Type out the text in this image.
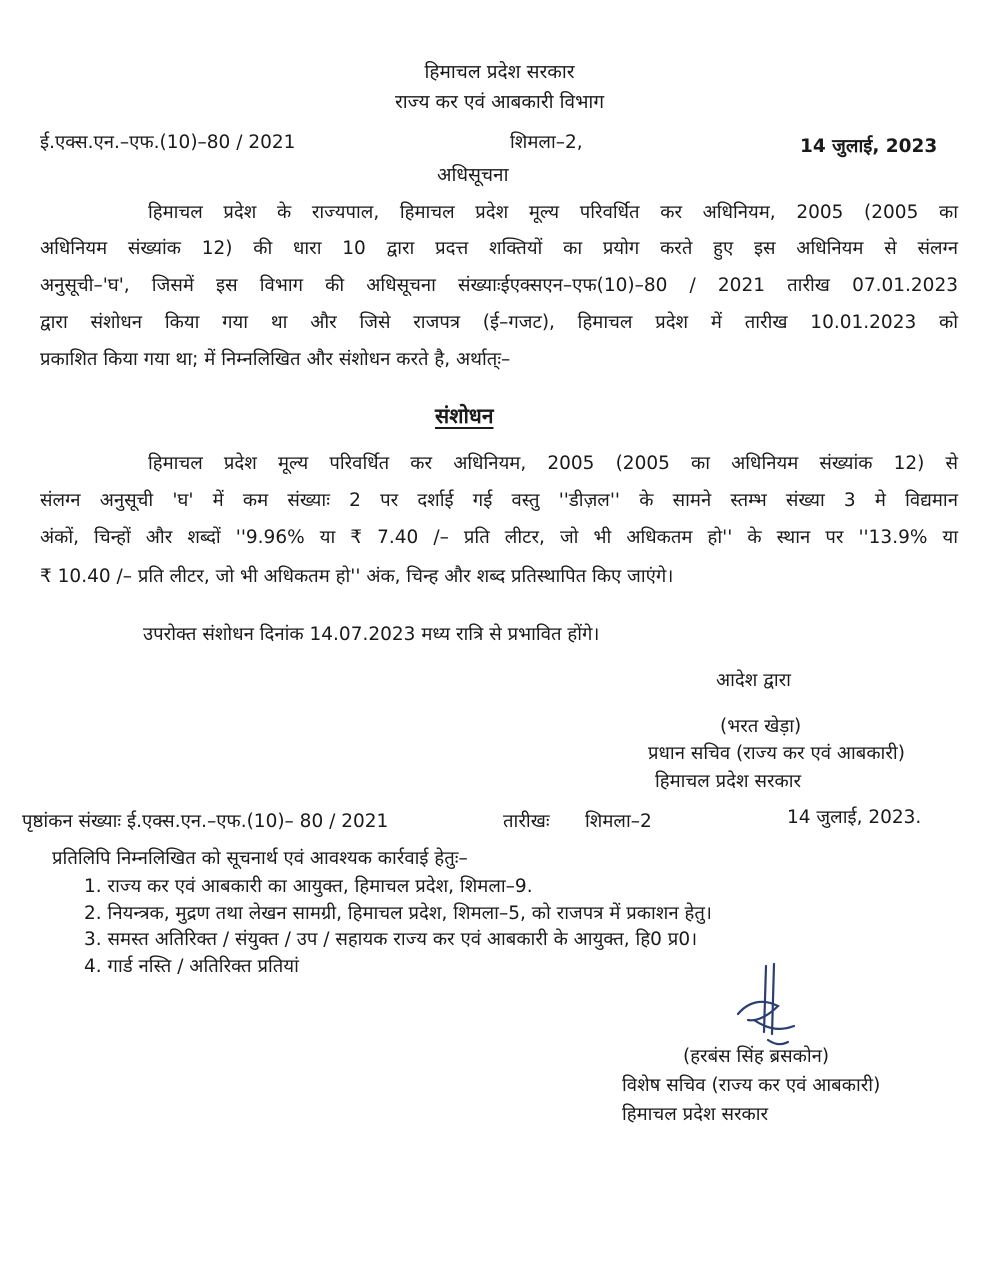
हिमाचल प्रदेश सरकार
राज्य कर एवं आबकारी विभाग
ई.एक्स.एन.–एफ.(10)–80 / 2021	शिमला–2,	14 जुलाई, 2023
अधिसूचना
हिमाचल प्रदेश के राज्यपाल, हिमाचल प्रदेश मूल्य परिवर्धित कर अधिनियम, 2005 (2005 का
अधिनियम संख्यांक 12) की धारा 10 द्वारा प्रदत्त शक्तियों का प्रयोग करते हुए इस अधिनियम से संलग्न
अनुसूची–'घ', जिसमें इस विभाग की अधिसूचना संख्याःईएक्सएन–एफ(10)–80 / 2021 तारीख 07.01.2023
द्वारा संशोधन किया गया था और जिसे राजपत्र (ई–गजट), हिमाचल प्रदेश में तारीख 10.01.2023 को
प्रकाशित किया गया था; में निम्नलिखित और संशोधन करते है, अर्थात्ः–
संशोधन
हिमाचल प्रदेश मूल्य परिवर्धित कर अधिनियम, 2005 (2005 का अधिनियम संख्यांक 12) से
संलग्न अनुसूची 'घ' में कम संख्याः 2 पर दर्शाई गई वस्तु ''डीज़ल'' के सामने स्तम्भ संख्या 3 मे विद्यमान
अंकों, चिन्हों और शब्दों ''9.96% या ₹ 7.40 /– प्रति लीटर, जो भी अधिकतम हो'' के स्थान पर ''13.9% या
₹ 10.40 /– प्रति लीटर, जो भी अधिकतम हो'' अंक, चिन्ह और शब्द प्रतिस्थापित किए जाएंगे।
उपरोक्त संशोधन दिनांक 14.07.2023 मध्य रात्रि से प्रभावित होंगे।
आदेश द्वारा
(भरत खेड़ा)
प्रधान सचिव (राज्य कर एवं आबकारी)
हिमाचल प्रदेश सरकार
पृष्ठांकन संख्याः ई.एक्स.एन.–एफ.(10)– 80 / 2021	तारीखः शिमला–2	14 जुलाई, 2023.
प्रतिलिपि निम्नलिखित को सूचनार्थ एवं आवश्यक कार्रवाई हेतुः–
1. राज्य कर एवं आबकारी का आयुक्त, हिमाचल प्रदेश, शिमला–9.
2. नियन्त्रक, मुद्रण तथा लेखन सामग्री, हिमाचल प्रदेश, शिमला–5, को राजपत्र में प्रकाशन हेतु।
3. समस्त अतिरिक्त / संयुक्त / उप / सहायक राज्य कर एवं आबकारी के आयुक्त, हि0 प्र0।
4. गार्ड नस्ति / अतिरिक्त प्रतियां
(हरबंस सिंह ब्रसकोन)
विशेष सचिव (राज्य कर एवं आबकारी)
हिमाचल प्रदेश सरकार
